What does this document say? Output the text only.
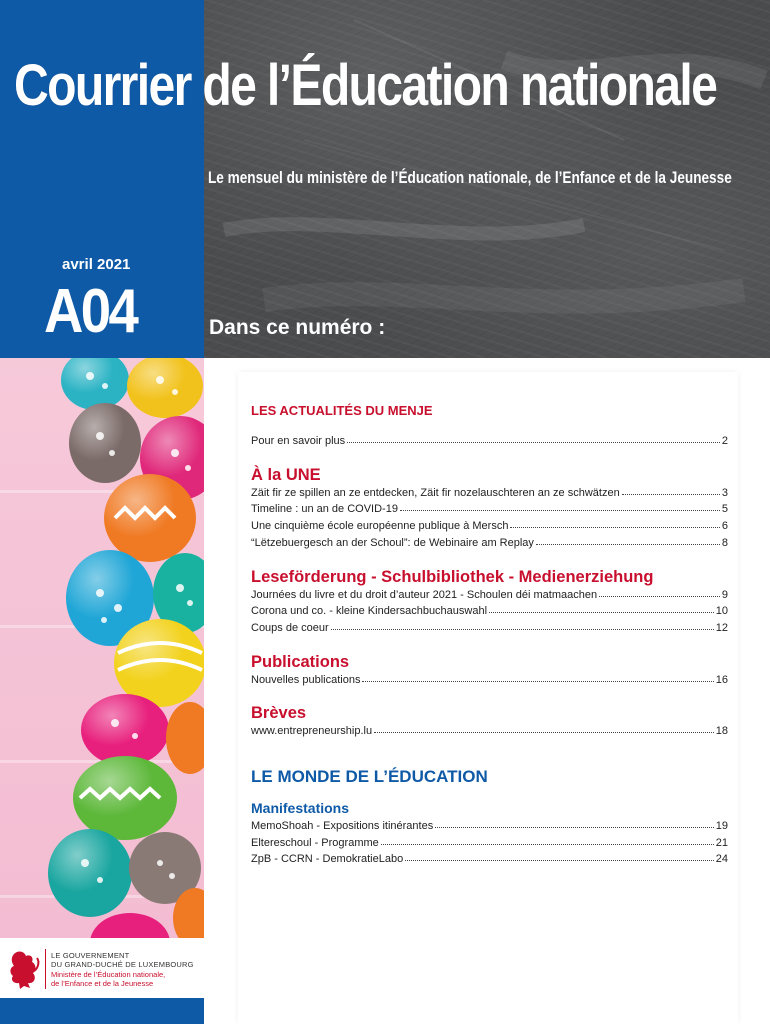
Courrier de l’Éducation nationale
Le mensuel du ministère de l’Éducation nationale, de l’Enfance et de la Jeunesse
avril 2021
A04	Dans ce numéro :
LE GOUVERNEMENT
DU GRAND-DUCHÉ DE LUXEMBOURG
Ministère de l’Éducation nationale,
de l’Enfance et de la Jeunesse
LES ACTUALITÉS DU MENJE
Pour en savoir plus	2
À la UNE
Zäit fir ze spillen an ze entdecken, Zäit fir nozelauschteren an ze schwätzen	3
Timeline : un an de COVID-19	5
Une cinquième école européenne publique à Mersch	6
“Lëtzebuergesch an der Schoul”: de Webinaire am Replay	8
Leseförderung - Schulbibliothek - Medienerziehung
Journées du livre et du droit d’auteur 2021 - Schoulen déi matmaachen	9
Corona und co. - kleine Kindersachbuchauswahl	10
Coups de coeur	12
Publications
Nouvelles publications	16
Brèves
www.entrepreneurship.lu	18
LE MONDE DE L’ÉDUCATION
Manifestations
MemoShoah - Expositions itinérantes	19
Eltereschoul - Programme	21
ZpB - CCRN - DemokratieLabo	24
